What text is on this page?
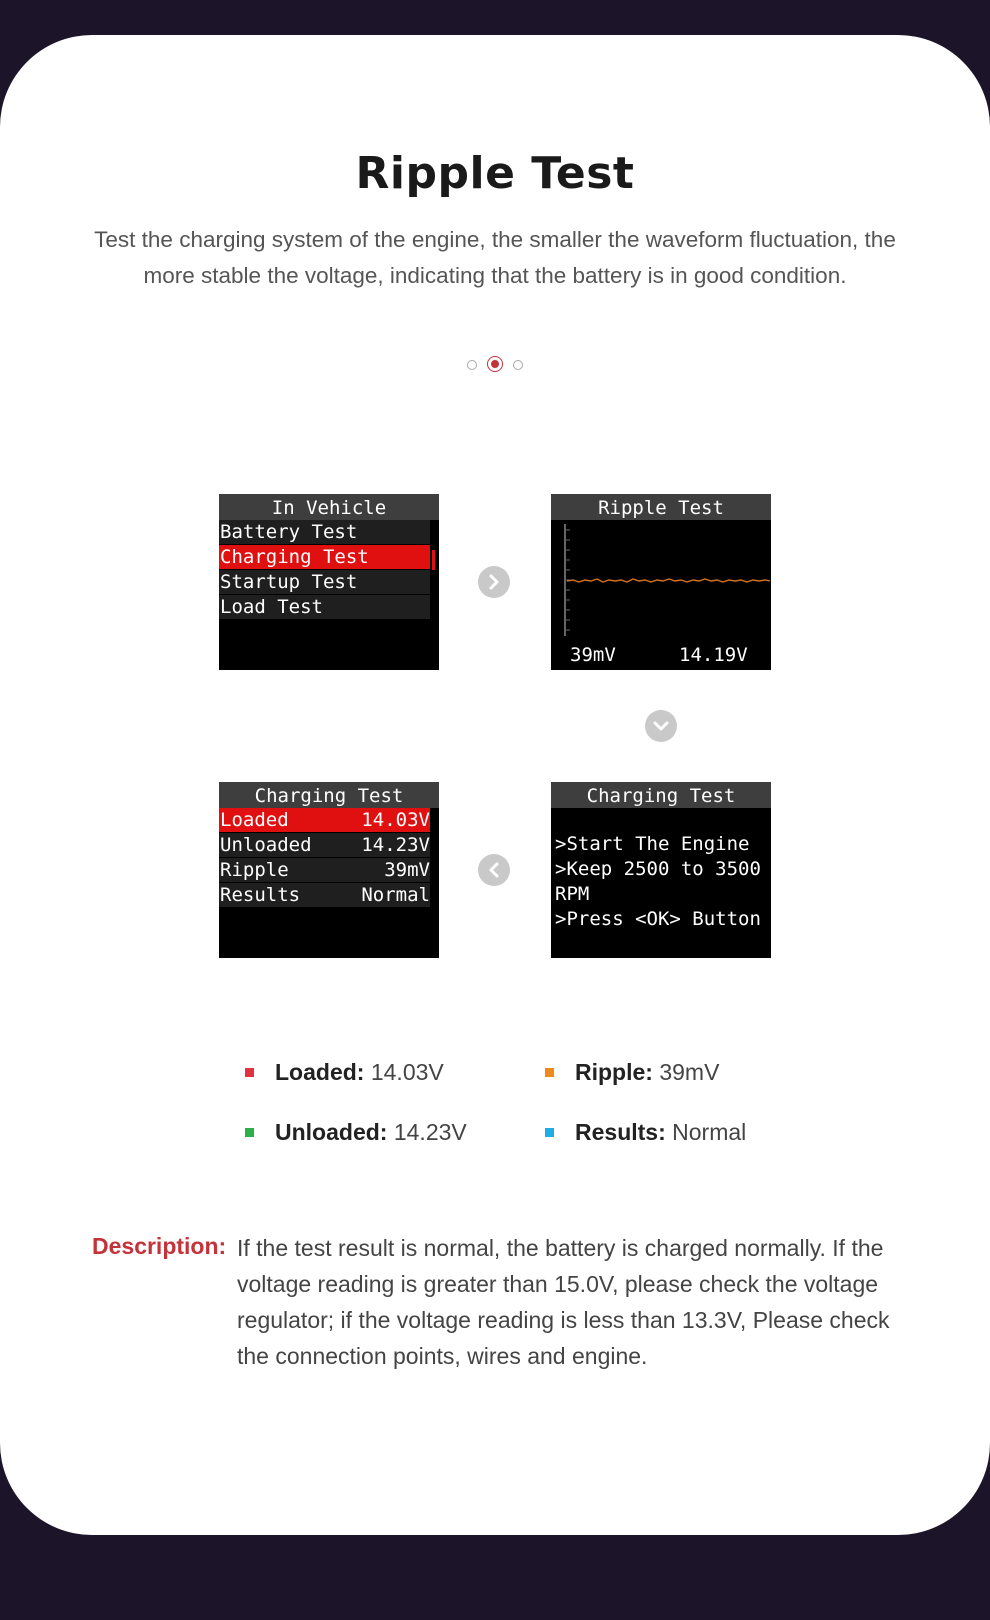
Ripple Test

Test the charging system of the engine, the smaller the waveform fluctuation, the more stable the voltage, indicating that the battery is in good condition.

In Vehicle
Battery Test
Charging Test
Startup Test
Load Test
Ripple Test
39mV	14.19V
Charging Test
Loaded	14.03V
Unloaded	14.23V
Ripple	39mV
Results	Normal
Charging Test
>Start The Engine
>Keep 2500 to 3500
RPM
>Press <OK> Button
Loaded: 14.03V	Ripple: 39mV
Unloaded: 14.23V	Results: Normal
Description: If the test result is normal, the battery is charged normally. If the voltage reading is greater than 15.0V, please check the voltage regulator; if the voltage reading is less than 13.3V, Please check the connection points, wires and engine.
